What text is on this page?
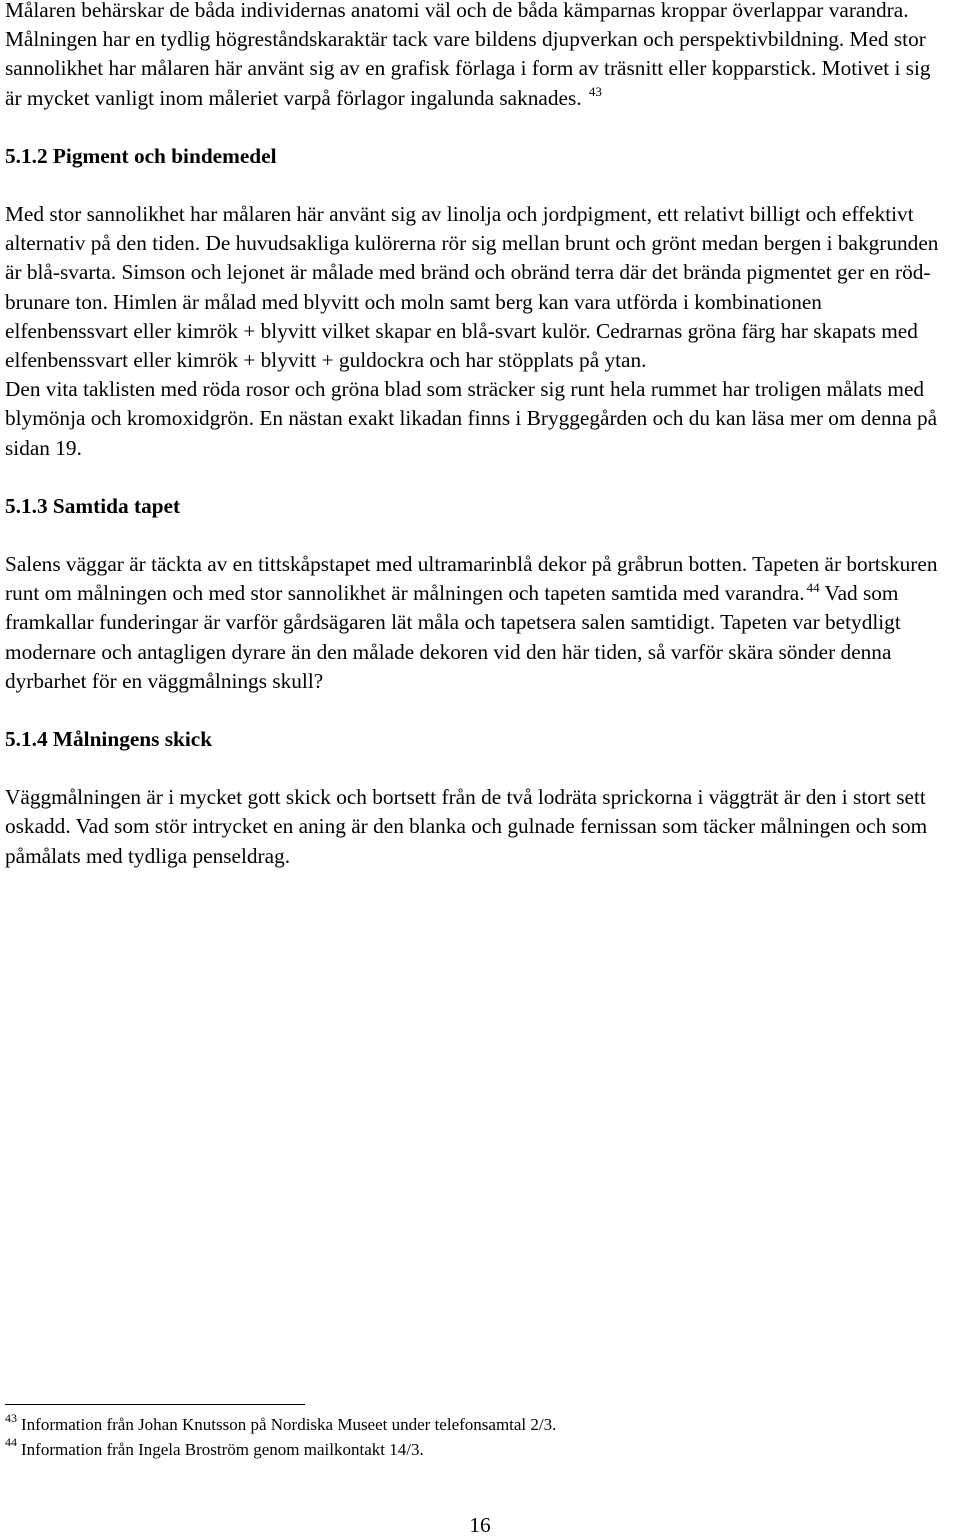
Målaren behärskar de båda individernas anatomi väl och de båda kämparnas kroppar överlappar varandra. Målningen har en tydlig högreståndskaraktär tack vare bildens djupverkan och perspektivbildning. Med stor sannolikhet har målaren här använt sig av en grafisk förlaga i form av träsnitt eller kopparstick. Motivet i sig är mycket vanligt inom måleriet varpå förlagor ingalunda saknades. $^{43}$

5.1.2 Pigment och bindemedel

Med stor sannolikhet har målaren här använt sig av linolja och jordpigment, ett relativt billigt och effektivt alternativ på den tiden. De huvudsakliga kulörerna rör sig mellan brunt och grönt medan bergen i bakgrunden är blå-svarta. Simson och lejonet är målade med bränd och obränd terra där det brända pigmentet ger en röd-brunare ton. Himlen är målad med blyvitt och moln samt berg kan vara utförda i kombinationen elfenbenssvart eller kimrök + blyvitt vilket skapar en blå-svart kulör. Cedrarnas gröna färg har skapats med elfenbenssvart eller kimrök + blyvitt + guldockra och har stöpplats på ytan.

Den vita taklisten med röda rosor och gröna blad som sträcker sig runt hela rummet har troligen målats med blymönja och kromoxidgrön. En nästan exakt likadan finns i Bryggegården och du kan läsa mer om denna på sidan 19.

5.1.3 Samtida tapet

Salens väggar är täckta av en tittskåpstapet med ultramarinblå dekor på gråbrun botten. Tapeten är bortskuren runt om målningen och med stor sannolikhet är målningen och tapeten samtida med varandra. $^{44}$ Vad som framkallar funderingar är varför gårdsägaren lät måla och tapetsera salen samtidigt. Tapeten var betydligt modernare och antagligen dyrare än den målade dekoren vid den här tiden, så varför skära sönder denna dyrbarhet för en väggmålnings skull?

5.1.4 Målningens skick

Väggmålningen är i mycket gott skick och bortsett från de två lodräta sprickorna i väggträt är den i stort sett oskadd. Vad som stör intrycket en aning är den blanka och gulnade fernissan som täcker målningen och som påmålats med tydliga penseldrag.

$^{43}$ Information från Johan Knutsson på Nordiska Museet under telefonsamtal 2/3.

$^{44}$ Information från Ingela Broström genom mailkontakt 14/3.

16
